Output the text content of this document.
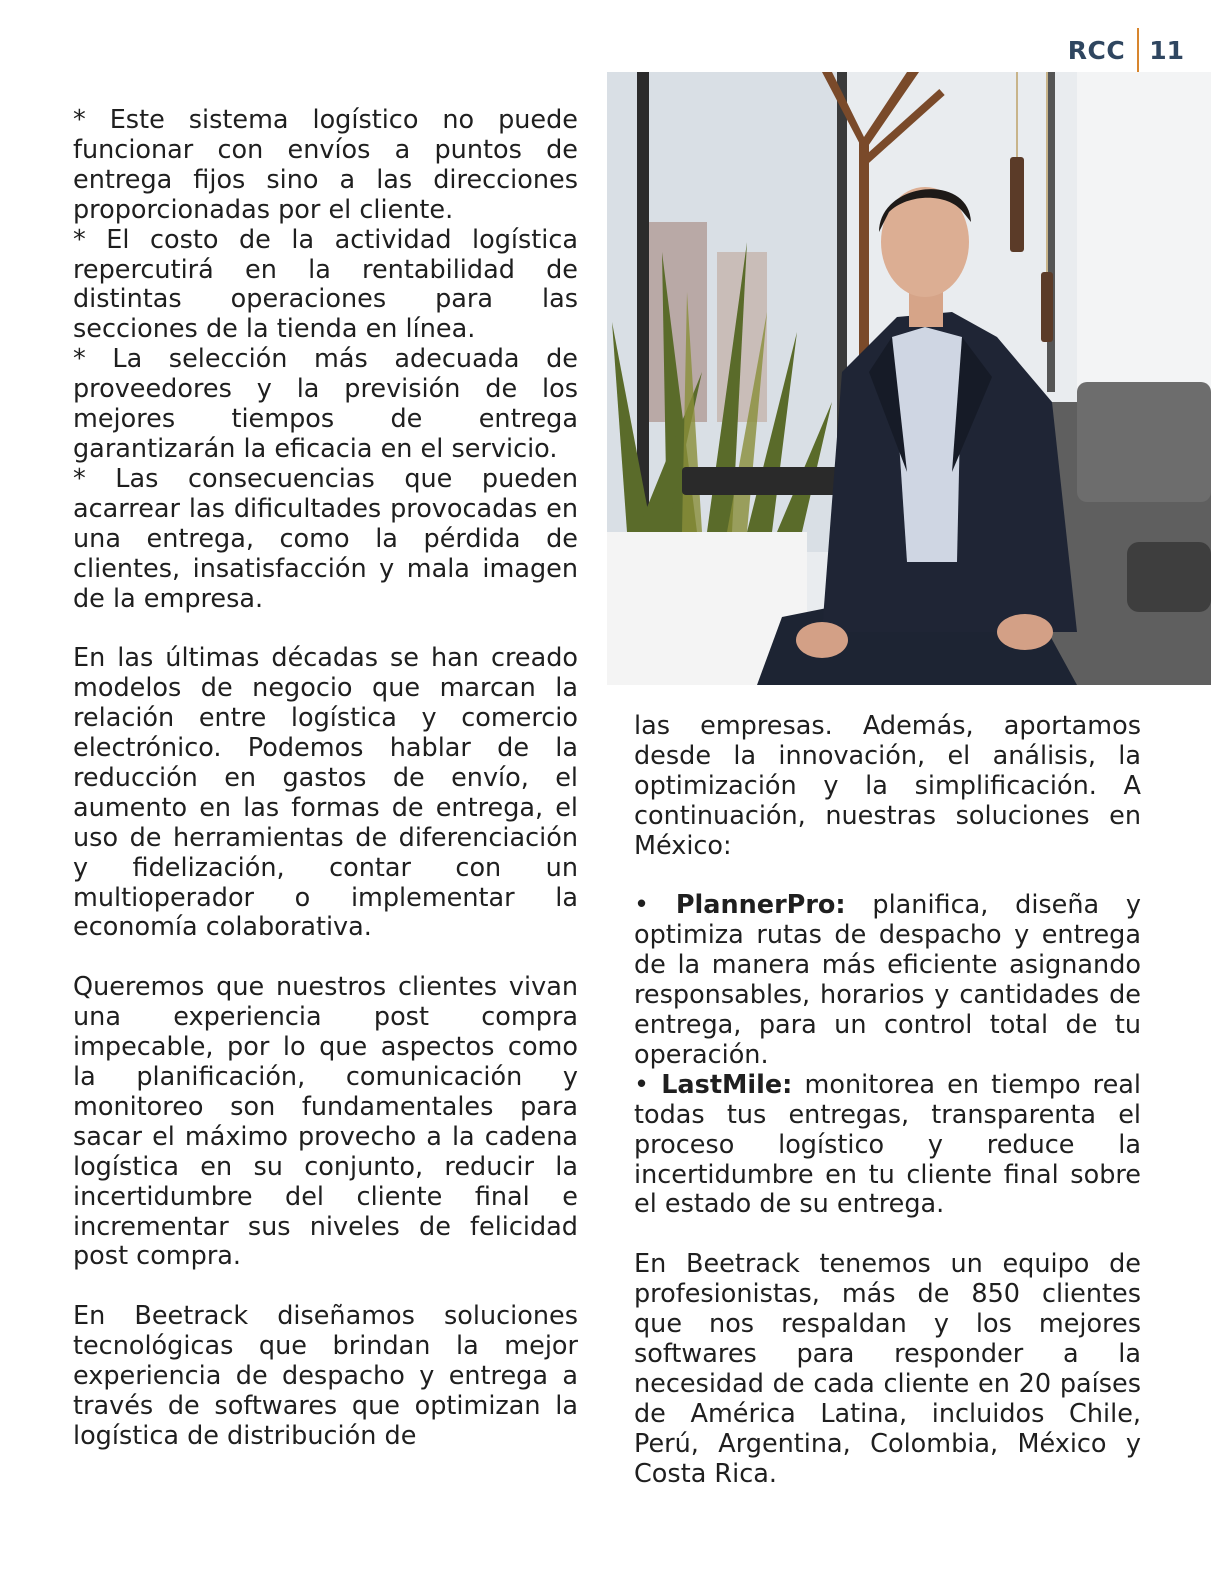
RCC 11

* Este sistema logístico no puede funcionar con envíos a puntos de entrega fijos sino a las direcciones proporcionadas por el cliente.

* El costo de la actividad logística repercutirá en la rentabilidad de distintas operaciones para las secciones de la tienda en línea.

* La selección más adecuada de proveedores y la previsión de los mejores tiempos de entrega garantizarán la eficacia en el servicio.

* Las consecuencias que pueden acarrear las dificultades provocadas en una entrega, como la pérdida de clientes, insatisfacción y mala imagen de la empresa.

En las últimas décadas se han creado modelos de negocio que marcan la relación entre logística y comercio electrónico. Podemos hablar de la reducción en gastos de envío, el aumento en las formas de entrega, el uso de herramientas de diferenciación y fidelización, contar con un multioperador o implementar la economía colaborativa.

Queremos que nuestros clientes vivan una experiencia post compra impecable, por lo que aspectos como la planificación, comunicación y monitoreo son fundamentales para sacar el máximo provecho a la cadena logística en su conjunto, reducir la incertidumbre del cliente final e incrementar sus niveles de felicidad post compra.

En Beetrack diseñamos soluciones tecnológicas que brindan la mejor experiencia de despacho y entrega a través de softwares que optimizan la logística de distribución de

las empresas. Además, aportamos desde la innovación, el análisis, la optimización y la simplificación. A continuación, nuestras soluciones en México:

• PlannerPro: planifica, diseña y optimiza rutas de despacho y entrega de la manera más eficiente asignando responsables, horarios y cantidades de entrega, para un control total de tu operación.

• LastMile: monitorea en tiempo real todas tus entregas, transparenta el proceso logístico y reduce la incertidumbre en tu cliente final sobre el estado de su entrega.

En Beetrack tenemos un equipo de profesionistas, más de 850 clientes que nos respaldan y los mejores softwares para responder a la necesidad de cada cliente en 20 países de América Latina, incluidos Chile, Perú, Argentina, Colombia, México y Costa Rica.
